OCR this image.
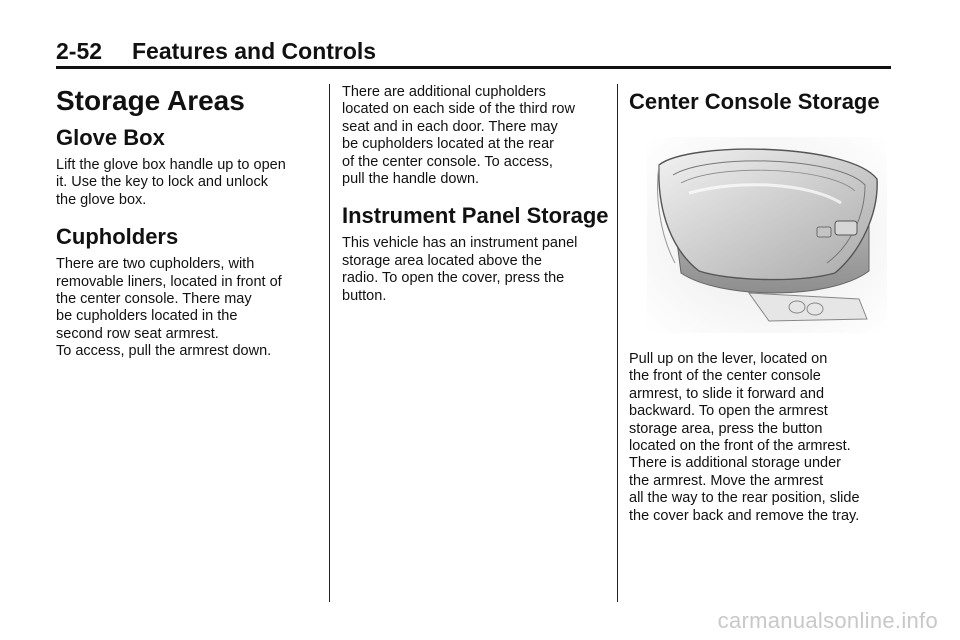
2-52 Features and Controls
Storage Areas
Glove Box

Lift the glove box handle up to open
it. Use the key to lock and unlock
the glove box.

Cupholders

There are two cupholders, with
removable liners, located in front of
the center console. There may
be cupholders located in the
second row seat armrest.
To access, pull the armrest down.

There are additional cupholders
located on each side of the third row
seat and in each door. There may
be cupholders located at the rear
of the center console. To access,
pull the handle down.

Instrument Panel Storage

This vehicle has an instrument panel
storage area located above the
radio. To open the cover, press the
button.

Center Console Storage

Pull up on the lever, located on
the front of the center console
armrest, to slide it forward and
backward. To open the armrest
storage area, press the button
located on the front of the armrest.
There is additional storage under
the armrest. Move the armrest
all the way to the rear position, slide
the cover back and remove the tray.

carmanualsonline.info
